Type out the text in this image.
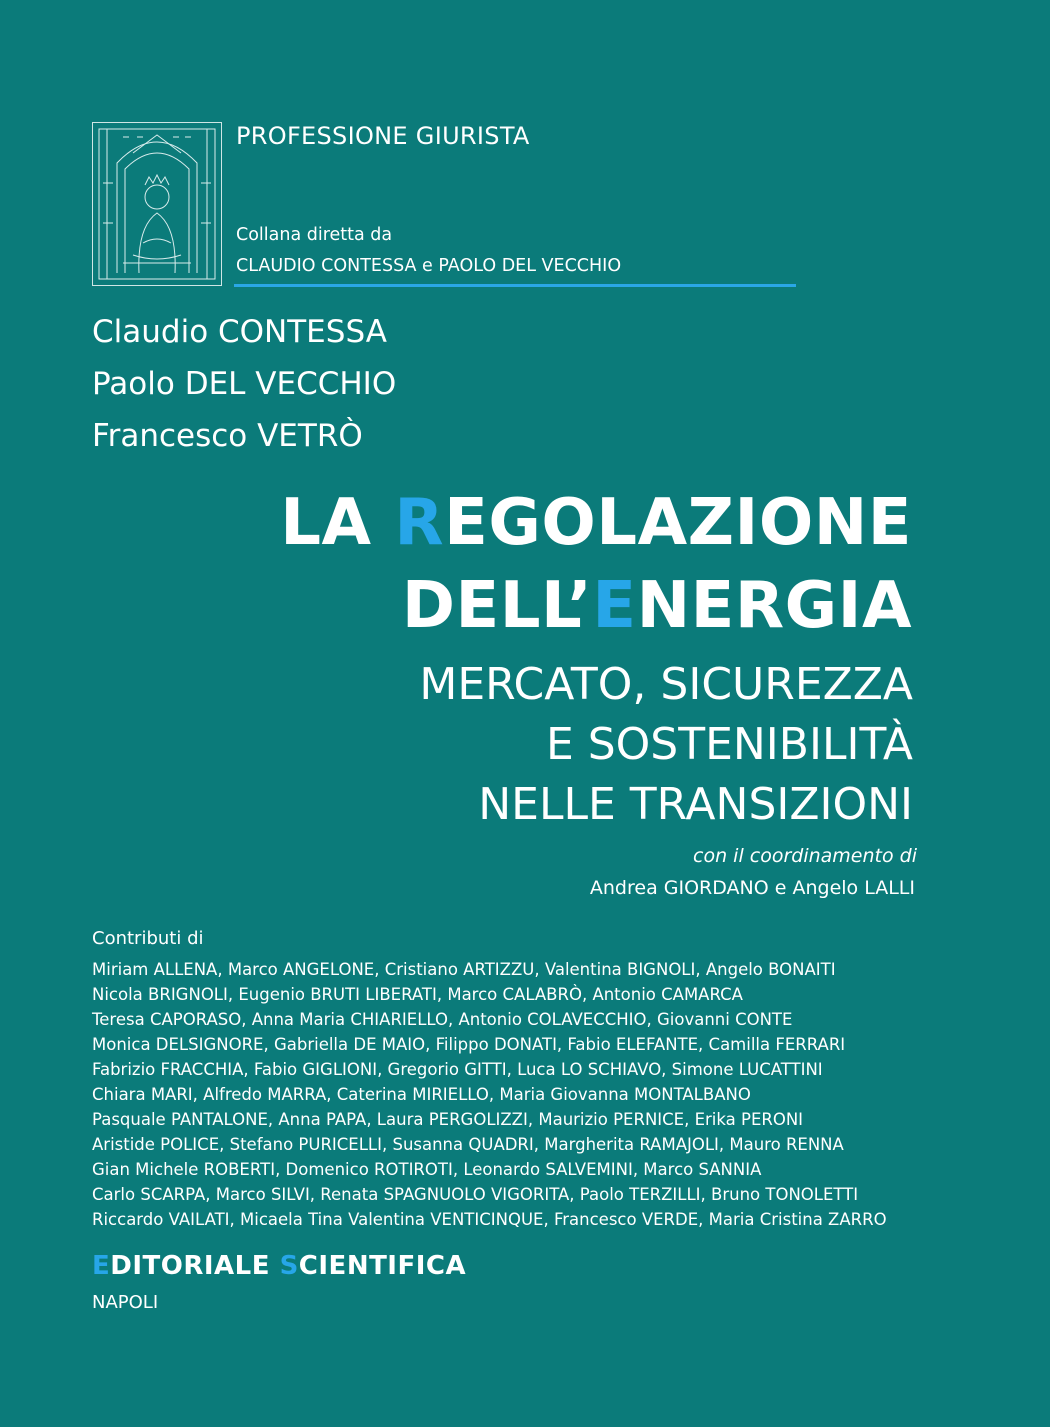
PROFESSIONE GIURISTA
Collana diretta da
CLAUDIO CONTESSA e PAOLO DEL VECCHIO
Claudio CONTESSA
Paolo DEL VECCHIO
Francesco VETRÒ
LA REGOLAZIONE
DELL’ENERGIA
MERCATO, SICUREZZA
E SOSTENIBILITÀ
NELLE TRANSIZIONI
con il coordinamento di
Andrea GIORDANO e Angelo LALLI
Contributi di
Miriam ALLENA, Marco ANGELONE, Cristiano ARTIZZU, Valentina BIGNOLI, Angelo BONAITI
Nicola BRIGNOLI, Eugenio BRUTI LIBERATI, Marco CALABRÒ, Antonio CAMARCA
Teresa CAPORASO, Anna Maria CHIARIELLO, Antonio COLAVECCHIO, Giovanni CONTE
Monica DELSIGNORE, Gabriella DE MAIO, Filippo DONATI, Fabio ELEFANTE, Camilla FERRARI
Fabrizio FRACCHIA, Fabio GIGLIONI, Gregorio GITTI, Luca LO SCHIAVO, Simone LUCATTINI
Chiara MARI, Alfredo MARRA, Caterina MIRIELLO, Maria Giovanna MONTALBANO
Pasquale PANTALONE, Anna PAPA, Laura PERGOLIZZI, Maurizio PERNICE, Erika PERONI
Aristide POLICE, Stefano PURICELLI, Susanna QUADRI, Margherita RAMAJOLI, Mauro RENNA
Gian Michele ROBERTI, Domenico ROTIROTI, Leonardo SALVEMINI, Marco SANNIA
Carlo SCARPA, Marco SILVI, Renata SPAGNUOLO VIGORITA, Paolo TERZILLI, Bruno TONOLETTI
Riccardo VAILATI, Micaela Tina Valentina VENTICINQUE, Francesco VERDE, Maria Cristina ZARRO
EDITORIALE SCIENTIFICA
NAPOLI
